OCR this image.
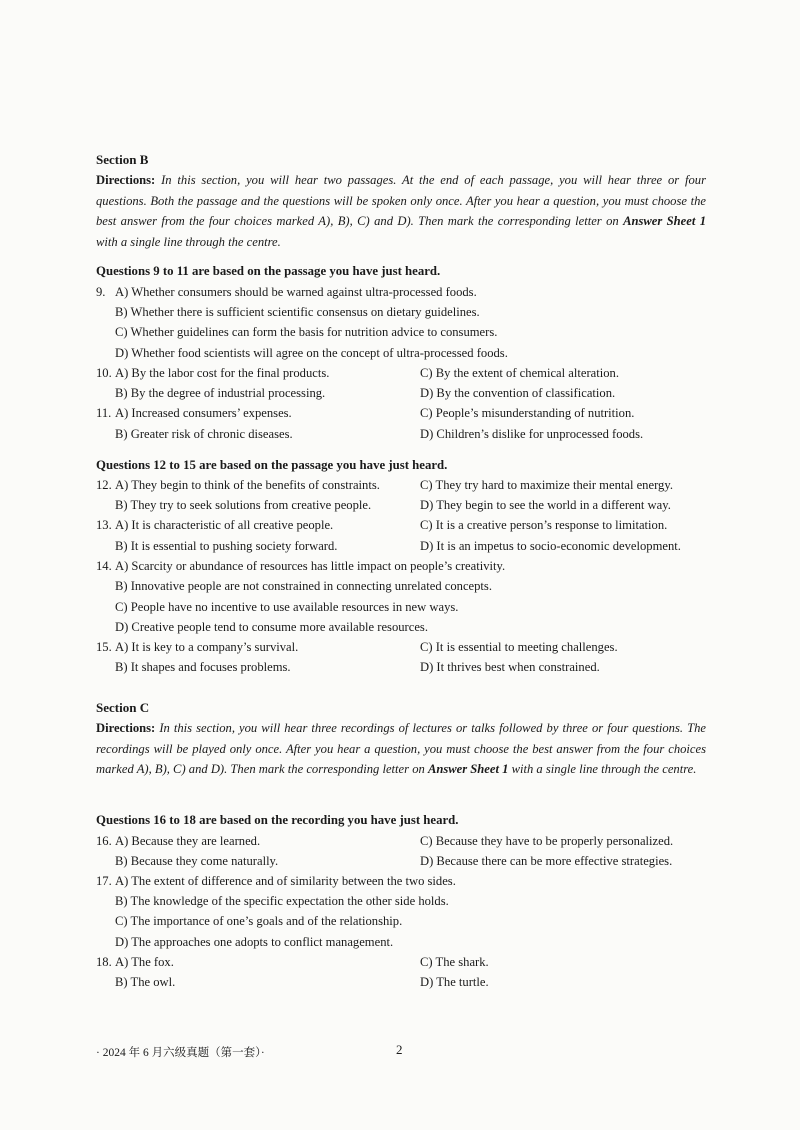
Section B
Directions: In this section, you will hear two passages. At the end of each passage, you will hear three or four questions. Both the passage and the questions will be spoken only once. After you hear a question, you must choose the best answer from the four choices marked A), B), C) and D). Then mark the corresponding letter on Answer Sheet 1 with a single line through the centre.
Questions 9 to 11 are based on the passage you have just heard.
9. A) Whether consumers should be warned against ultra-processed foods.
B) Whether there is sufficient scientific consensus on dietary guidelines.
C) Whether guidelines can form the basis for nutrition advice to consumers.
D) Whether food scientists will agree on the concept of ultra-processed foods.
10. A) By the labor cost for the final products.	C) By the extent of chemical alteration.
B) By the degree of industrial processing.	D) By the convention of classification.
11. A) Increased consumers’ expenses.	C) People’s misunderstanding of nutrition.
B) Greater risk of chronic diseases.	D) Children’s dislike for unprocessed foods.
Questions 12 to 15 are based on the passage you have just heard.
12. A) They begin to think of the benefits of constraints.	C) They try hard to maximize their mental energy.
B) They try to seek solutions from creative people.	D) They begin to see the world in a different way.
13. A) It is characteristic of all creative people.	C) It is a creative person’s response to limitation.
B) It is essential to pushing society forward.	D) It is an impetus to socio-economic development.
14. A) Scarcity or abundance of resources has little impact on people’s creativity.
B) Innovative people are not constrained in connecting unrelated concepts.
C) People have no incentive to use available resources in new ways.
D) Creative people tend to consume more available resources.
15. A) It is key to a company’s survival.	C) It is essential to meeting challenges.
B) It shapes and focuses problems.	D) It thrives best when constrained.
Section C
Directions: In this section, you will hear three recordings of lectures or talks followed by three or four questions. The recordings will be played only once. After you hear a question, you must choose the best answer from the four choices marked A), B), C) and D). Then mark the corresponding letter on Answer Sheet 1 with a single line through the centre.
Questions 16 to 18 are based on the recording you have just heard.
16. A) Because they are learned.	C) Because they have to be properly personalized.
B) Because they come naturally.	D) Because there can be more effective strategies.
17. A) The extent of difference and of similarity between the two sides.
B) The knowledge of the specific expectation the other side holds.
C) The importance of one’s goals and of the relationship.
D) The approaches one adopts to conflict management.
18. A) The fox.	C) The shark.
B) The owl.	D) The turtle.
· 2024 年 6 月六级真题（第一套）·	2
